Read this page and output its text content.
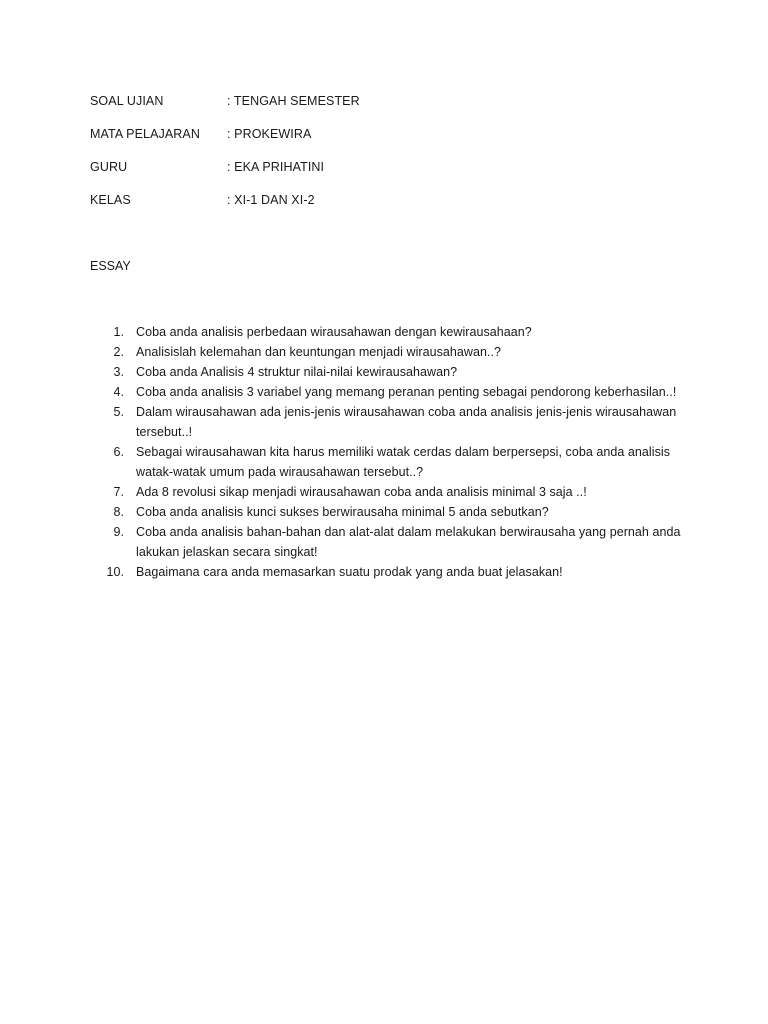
SOAL UJIAN	: TENGAH SEMESTER
MATA PELAJARAN : PROKEWIRA
GURU	: EKA PRIHATINI
KELAS	: XI-1 DAN XI-2
ESSAY
1. Coba anda analisis perbedaan wirausahawan dengan kewirausahaan?
2. Analisislah kelemahan dan keuntungan menjadi wirausahawan..?
3. Coba anda Analisis 4 struktur nilai-nilai kewirausahawan?
4. Coba anda analisis 3 variabel yang memang peranan penting sebagai pendorong keberhasilan..!
5. Dalam wirausahawan ada jenis-jenis wirausahawan coba anda analisis jenis-jenis wirausahawan tersebut..!
6. Sebagai wirausahawan kita harus memiliki watak cerdas dalam berpersepsi, coba anda analisis watak-watak umum pada wirausahawan tersebut..?
7. Ada 8 revolusi sikap menjadi wirausahawan coba anda analisis minimal 3 saja ..!
8. Coba anda analisis kunci sukses berwirausaha minimal 5 anda sebutkan?
9. Coba anda analisis bahan-bahan dan alat-alat dalam melakukan berwirausaha yang pernah anda lakukan jelaskan secara singkat!
10. Bagaimana cara anda memasarkan suatu prodak yang anda buat jelasakan!
